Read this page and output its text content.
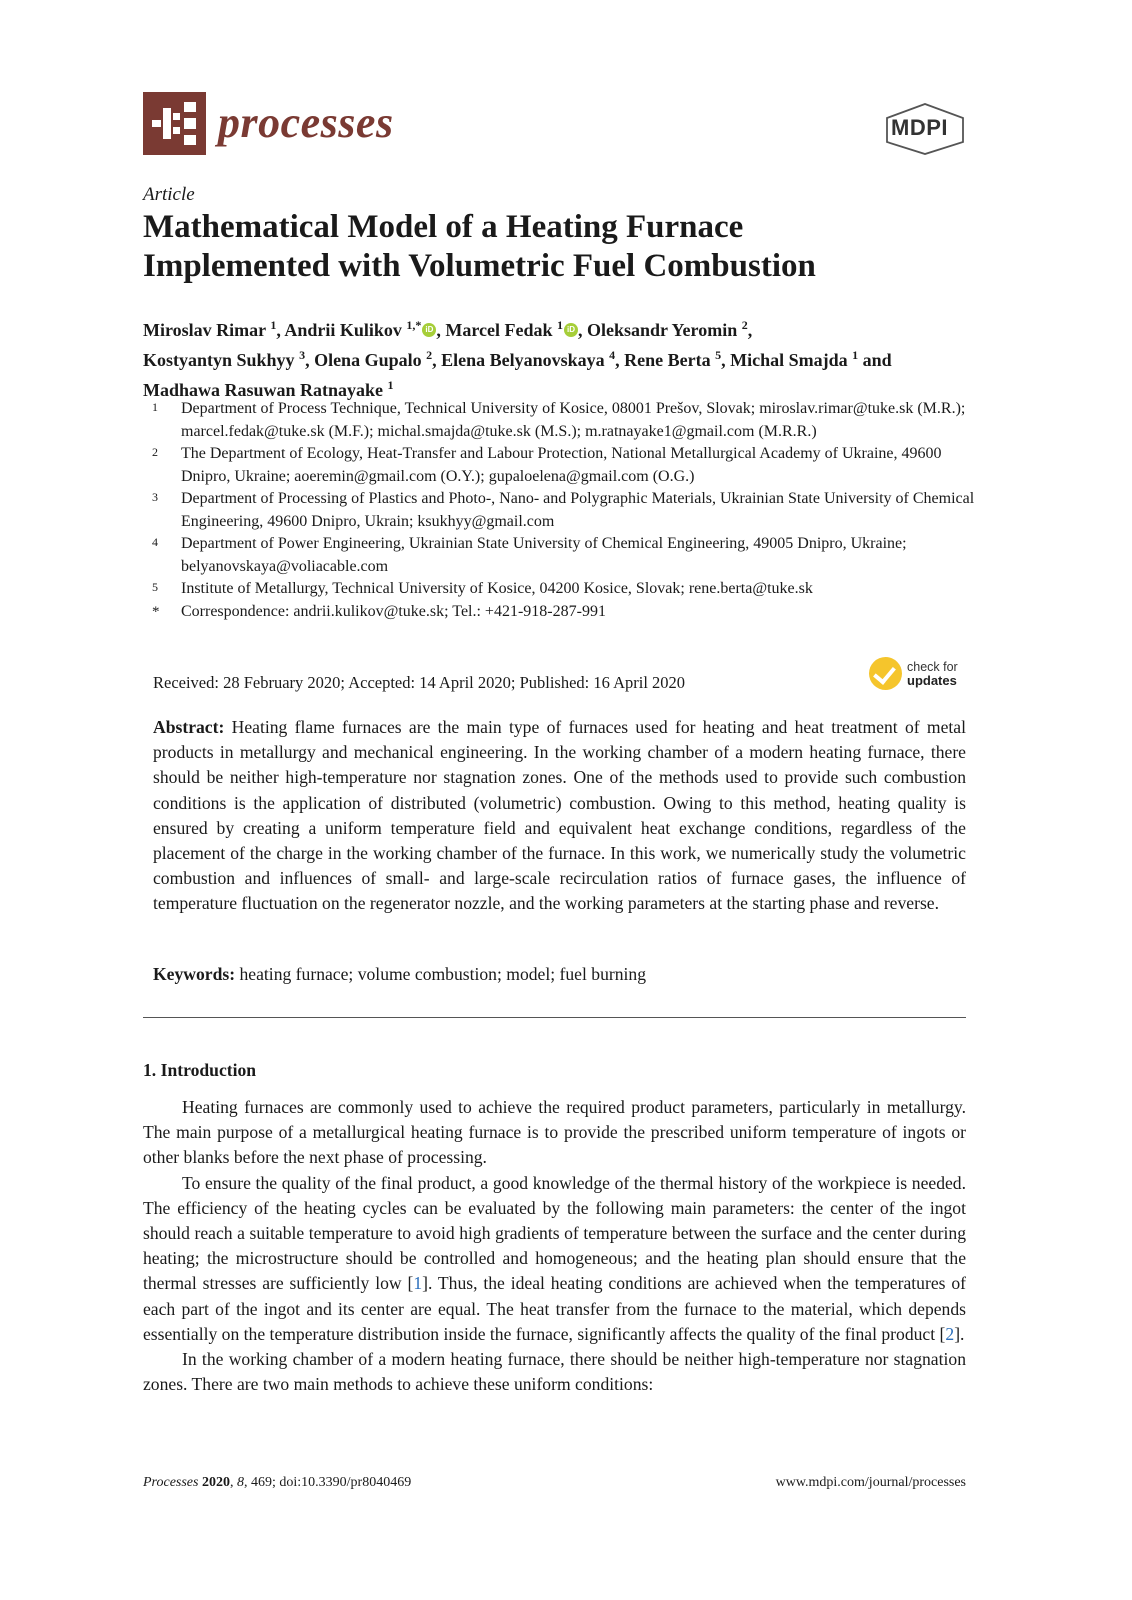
processes	MDPI
Article
Mathematical Model of a Heating Furnace
Implemented with Volumetric Fuel Combustion
Miroslav Rimar $^1$, Andrii Kulikov $^{1,*}$ iD , Marcel Fedak $^1$ iD , Oleksandr Yeromin $^2$,
Kostyantyn Sukhyy $^3$, Olena Gupalo $^2$, Elena Belyanovskaya $^4$, Rene Berta $^5$, Michal Smajda $^1$ and
Madhawa Rasuwan Ratnayake $^1$
1	Department of Process Technique, Technical University of Kosice, 08001 Prešov, Slovak; miroslav.rimar@tuke.sk (M.R.); marcel.fedak@tuke.sk (M.F.); michal.smajda@tuke.sk (M.S.); m.ratnayake1@gmail.com (M.R.R.)
2	The Department of Ecology, Heat-Transfer and Labour Protection, National Metallurgical Academy of Ukraine, 49600 Dnipro, Ukraine; aoeremin@gmail.com (O.Y.); gupaloelena@gmail.com (O.G.)
3	Department of Processing of Plastics and Photo-, Nano- and Polygraphic Materials, Ukrainian State University of Chemical Engineering, 49600 Dnipro, Ukrain; ksukhyy@gmail.com
4	Department of Power Engineering, Ukrainian State University of Chemical Engineering, 49005 Dnipro, Ukraine; belyanovskaya@voliacable.com
5	Institute of Metallurgy, Technical University of Kosice, 04200 Kosice, Slovak; rene.berta@tuke.sk
*	Correspondence: andrii.kulikov@tuke.sk; Tel.: +421-918-287-991
Received: 28 February 2020; Accepted: 14 April 2020; Published: 16 April 2020
check for
updates

Abstract: Heating flame furnaces are the main type of furnaces used for heating and heat treatment of metal products in metallurgy and mechanical engineering. In the working chamber of a modern heating furnace, there should be neither high-temperature nor stagnation zones. One of the methods used to provide such combustion conditions is the application of distributed (volumetric) combustion. Owing to this method, heating quality is ensured by creating a uniform temperature field and equivalent heat exchange conditions, regardless of the placement of the charge in the working chamber of the furnace. In this work, we numerically study the volumetric combustion and influences of small- and large-scale recirculation ratios of furnace gases, the influence of temperature fluctuation on the regenerator nozzle, and the working parameters at the starting phase and reverse.

Keywords: heating furnace; volume combustion; model; fuel burning

1. Introduction

Heating furnaces are commonly used to achieve the required product parameters, particularly in metallurgy. The main purpose of a metallurgical heating furnace is to provide the prescribed uniform temperature of ingots or other blanks before the next phase of processing.

To ensure the quality of the final product, a good knowledge of the thermal history of the workpiece is needed. The efficiency of the heating cycles can be evaluated by the following main parameters: the center of the ingot should reach a suitable temperature to avoid high gradients of temperature between the surface and the center during heating; the microstructure should be controlled and homogeneous; and the heating plan should ensure that the thermal stresses are sufficiently low [1]. Thus, the ideal heating conditions are achieved when the temperatures of each part of the ingot and its center are equal. The heat transfer from the furnace to the material, which depends essentially on the temperature distribution inside the furnace, significantly affects the quality of the final product [2].

In the working chamber of a modern heating furnace, there should be neither high-temperature nor stagnation zones. There are two main methods to achieve these uniform conditions:

Processes 2020, 8, 469; doi:10.3390/pr8040469	www.mdpi.com/journal/processes
